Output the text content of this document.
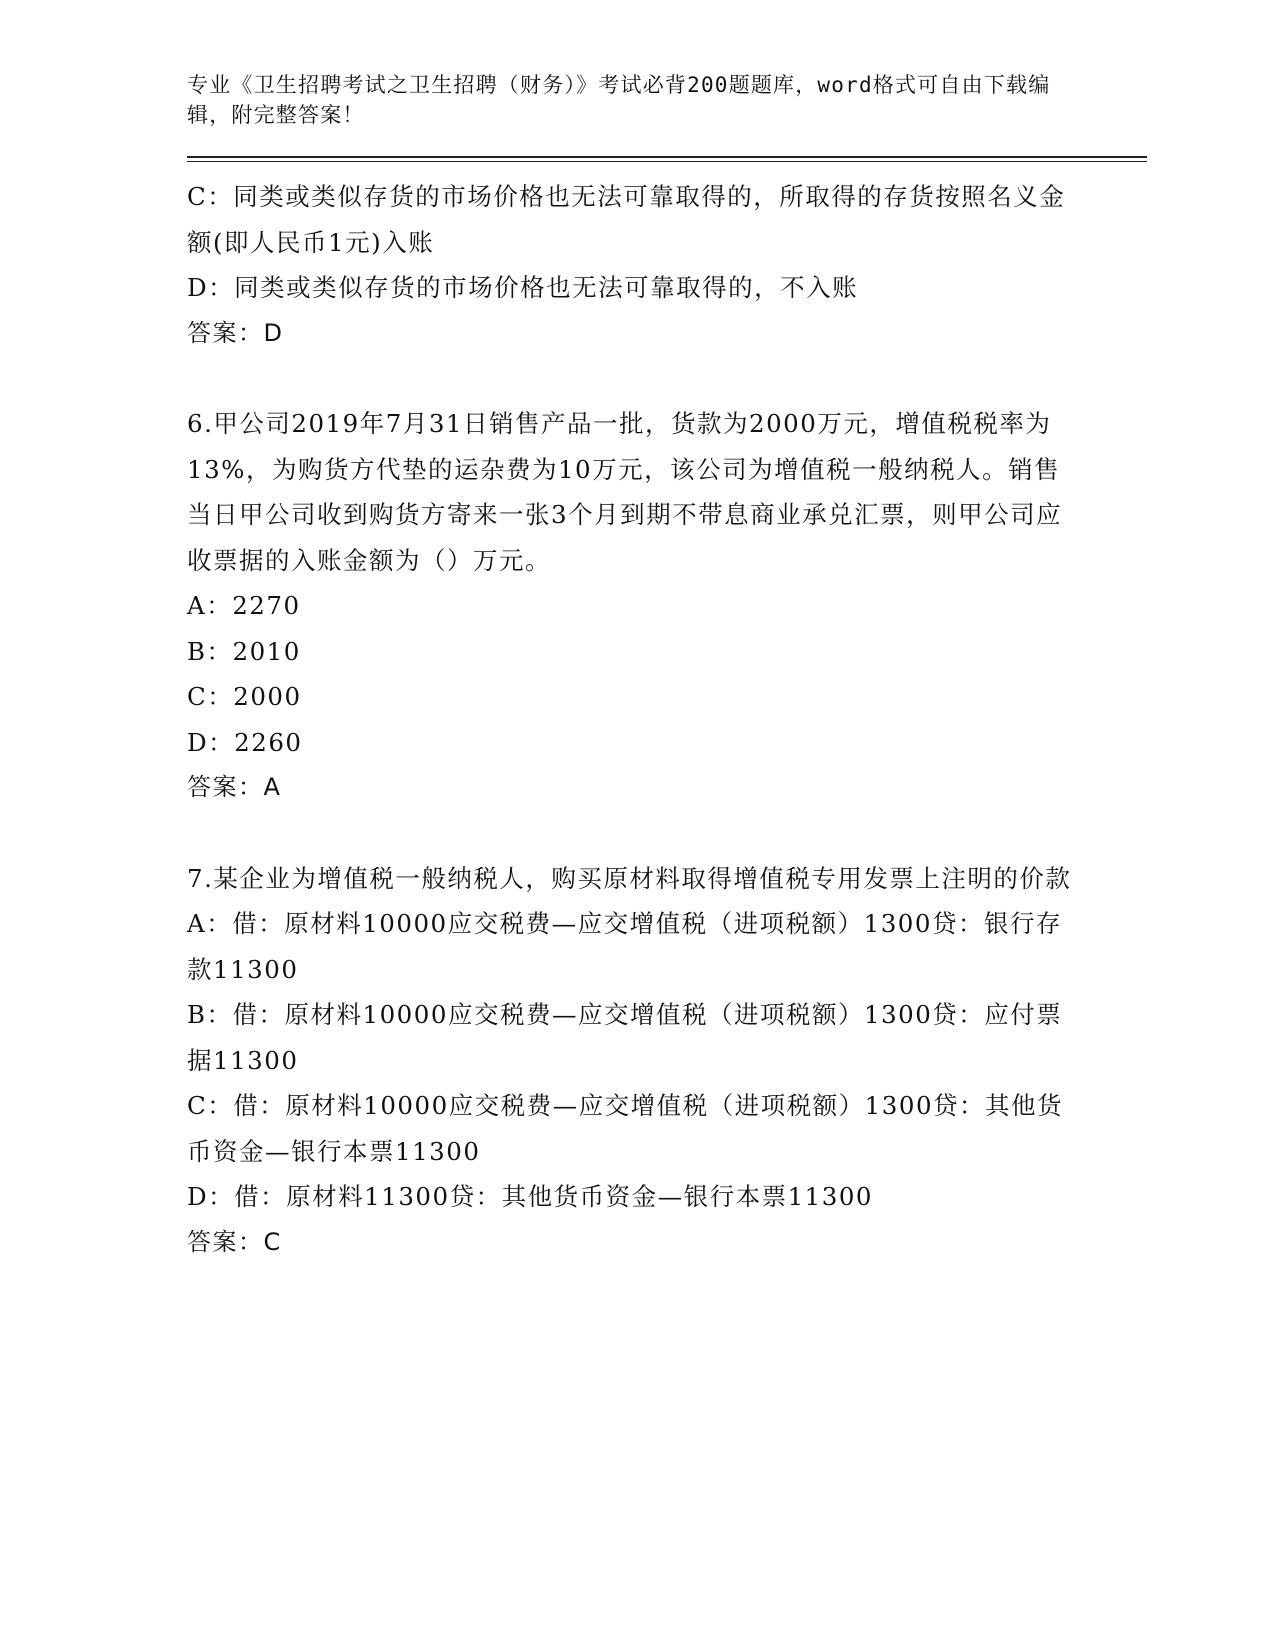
专业《卫生招聘考试之卫生招聘（财务）》考试必背200题题库，word格式可自由下载编辑，附完整答案！

C：同类或类似存货的市场价格也无法可靠取得的，所取得的存货按照名义金额(即人民币1元)入账

D：同类或类似存货的市场价格也无法可靠取得的，不入账

答案：D

6.甲公司2019年7月31日销售产品一批，货款为2000万元，增值税税率为13%，为购货方代垫的运杂费为10万元，该公司为增值税一般纳税人。销售当日甲公司收到购货方寄来一张3个月到期不带息商业承兑汇票，则甲公司应收票据的入账金额为（）万元。

A：2270

B：2010

C：2000

D：2260

答案：A

7.某企业为增值税一般纳税人，购买原材料取得增值税专用发票上注明的价款

A：借：原材料10000应交税费—应交增值税（进项税额）1300贷：银行存款11300

B：借：原材料10000应交税费—应交增值税（进项税额）1300贷：应付票据11300

C：借：原材料10000应交税费—应交增值税（进项税额）1300贷：其他货币资金—银行本票11300

D：借：原材料11300贷：其他货币资金—银行本票11300

答案：C
